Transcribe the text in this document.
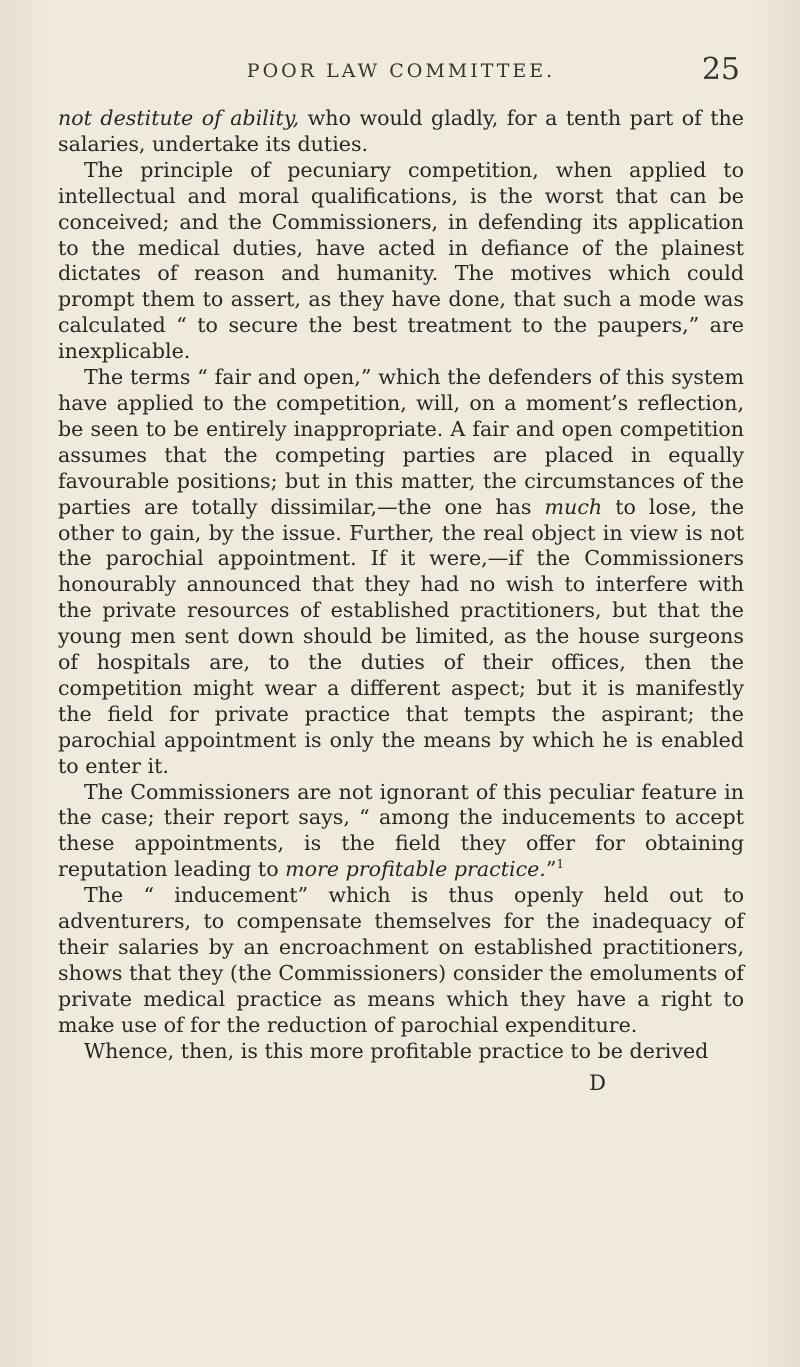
POOR LAW COMMITTEE.	25

not destitute of ability, who would gladly, for a tenth part of the salaries, undertake its duties.

The principle of pecuniary competition, when applied to intellectual and moral qualifications, is the worst that can be conceived; and the Commissioners, in defending its application to the medical duties, have acted in defiance of the plainest dictates of reason and humanity. The motives which could prompt them to assert, as they have done, that such a mode was calculated “ to secure the best treatment to the paupers,” are inexplicable.

The terms “ fair and open,” which the defenders of this system have applied to the competition, will, on a moment’s reflection, be seen to be entirely inappropriate. A fair and open competition assumes that the competing parties are placed in equally favourable positions; but in this matter, the circumstances of the parties are totally dissimilar,—the one has much to lose, the other to gain, by the issue. Further, the real object in view is not the parochial appointment. If it were,—if the Commissioners honourably announced that they had no wish to interfere with the private resources of established practitioners, but that the young men sent down should be limited, as the house surgeons of hospitals are, to the duties of their offices, then the competition might wear a different aspect; but it is manifestly the field for private practice that tempts the aspirant; the parochial appointment is only the means by which he is enabled to enter it.

The Commissioners are not ignorant of this peculiar feature in the case; their report says, “ among the inducements to accept these appointments, is the field they offer for obtaining reputation leading to more profitable practice.”$^1$

The “ inducement” which is thus openly held out to adventurers, to compensate themselves for the inadequacy of their salaries by an encroachment on established practitioners, shows that they (the Commissioners) consider the emoluments of private medical practice as means which they have a right to make use of for the reduction of parochial expenditure.

Whence, then, is this more profitable practice to be derived

D
